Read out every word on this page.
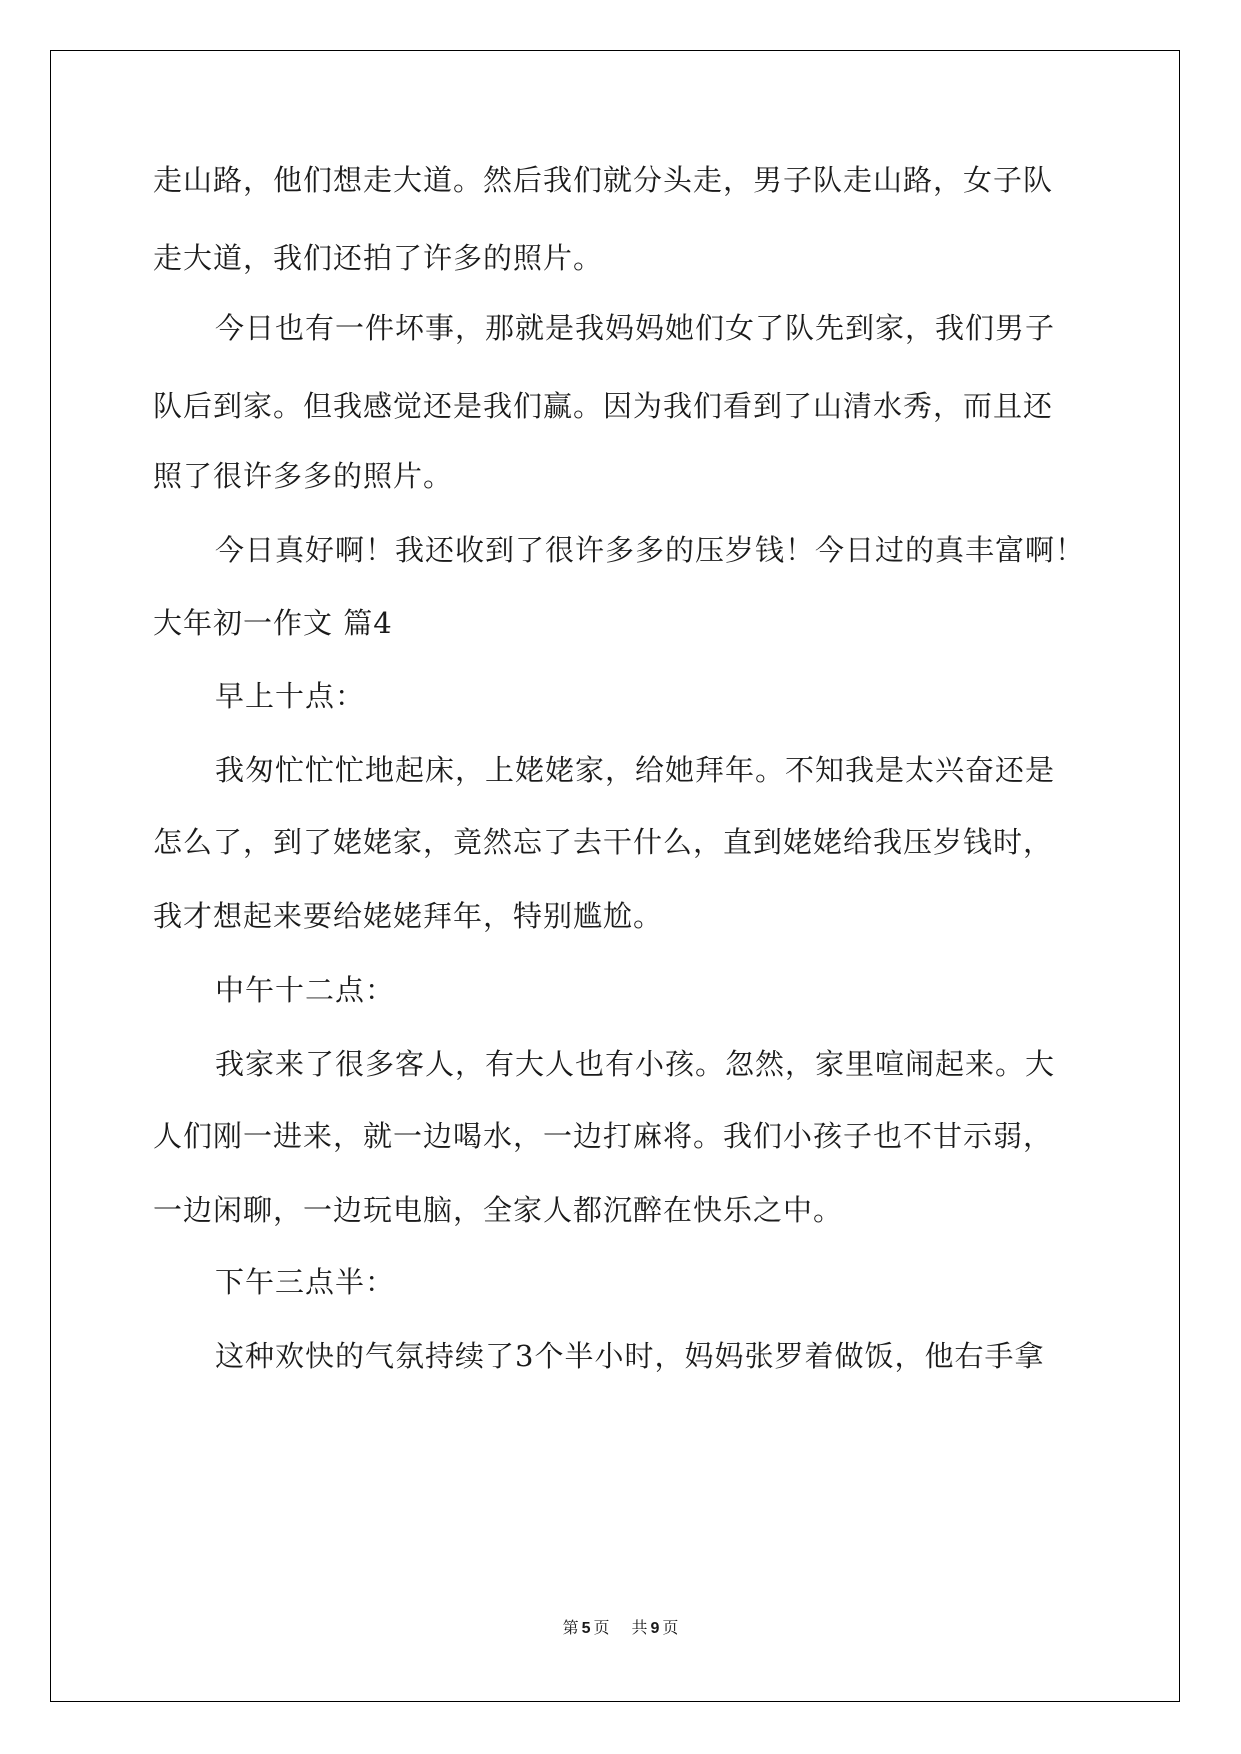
走山路，他们想走大道。然后我们就分头走，男子队走山路，女子队
走大道，我们还拍了许多的照片。
今日也有一件坏事，那就是我妈妈她们女了队先到家，我们男子
队后到家。但我感觉还是我们赢。因为我们看到了山清水秀，而且还
照了很许多多的照片。
今日真好啊！我还收到了很许多多的压岁钱！今日过的真丰富啊！
大年初一作文 篇4
早上十点：
我匆忙忙忙地起床，上姥姥家，给她拜年。不知我是太兴奋还是
怎么了，到了姥姥家，竟然忘了去干什么，直到姥姥给我压岁钱时，
我才想起来要给姥姥拜年，特别尴尬。
中午十二点：
我家来了很多客人，有大人也有小孩。忽然，家里喧闹起来。大
人们刚一进来，就一边喝水，一边打麻将。我们小孩子也不甘示弱，
一边闲聊，一边玩电脑，全家人都沉醉在快乐之中。
下午三点半：
这种欢快的气氛持续了3个半小时，妈妈张罗着做饭，他右手拿
第 5 页 共 9 页
